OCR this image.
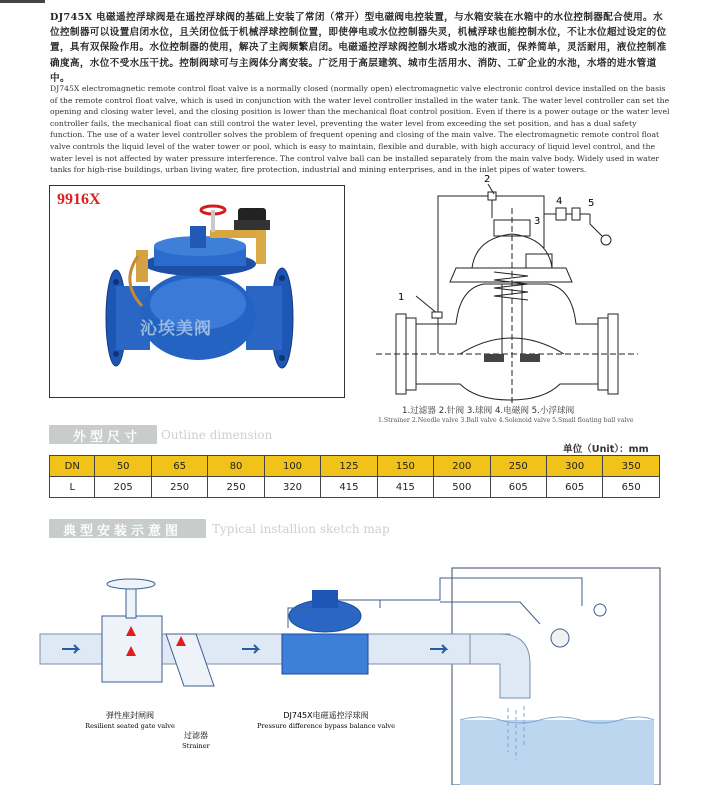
DJ745X 电磁遥控浮球阀是在遥控浮球阀的基础上安装了常闭（常开）型电磁阀电控装置，与水箱安装在水箱中的水位控制器配合使用。水位控制器可以设置启闭水位，且关闭位低于机械浮球控制位置，即使停电或水位控制器失灵，机械浮球也能控制水位，不让水位超过设定的位置，具有双保险作用。水位控制器的使用，解决了主阀频繁启闭。电磁遥控浮球阀控制水塔或水池的液面，保养简单，灵活耐用，液位控制准确度高，水位不受水压干扰。控制阀球可与主阀体分离安装。广泛用于高层建筑、城市生活用水、消防、工矿企业的水池，水塔的进水管道中。
DJ745X electromagnetic remote control float valve is a normally closed (normally open) electromagnetic valve electronic control device installed on the basis of the remote control float valve, which is used in conjunction with the water level controller installed in the water tank. The water level controller can set the opening and closing water level, and the closing position is lower than the mechanical float control position. Even if there is a power outage or the water level controller fails, the mechanical float can still control the water level, preventing the water level from exceeding the set position, and has a dual safety function. The use of a water level controller solves the problem of frequent opening and closing of the main valve. The electromagnetic remote control float valve controls the liquid level of the water tower or pool, which is easy to maintain, flexible and durable, with high accuracy of liquid level control, and the water level is not affected by water pressure interference. The control valve ball can be installed separately from the main valve body. Widely used in water tanks for high-rise buildings, urban living water, fire protection, industrial and mining enterprises, and in the inlet pipes of water towers.
9916X
沁埃美阀
1
2
3
4	5
1.过滤器 2.针阀 3.球阀 4.电磁阀 5.小浮球阀
1.Strainer 2.Needle valve 3.Ball valve 4.Solenoid valve 5.Small floating ball valve
外型尺寸 Outline dimension
单位（Unit）：mm
DN	50	65	80	100	125	150	200	250	300	350
L	205	250	250	320	415	415	500	605	605	650
典型安装示意图 Typical installion sketch map
弹性座封闸阀
Resilient seated gate valve
过滤器
Strainer
DJ745X电磁遥控浮球阀
Pressure difference bypass balance valve
